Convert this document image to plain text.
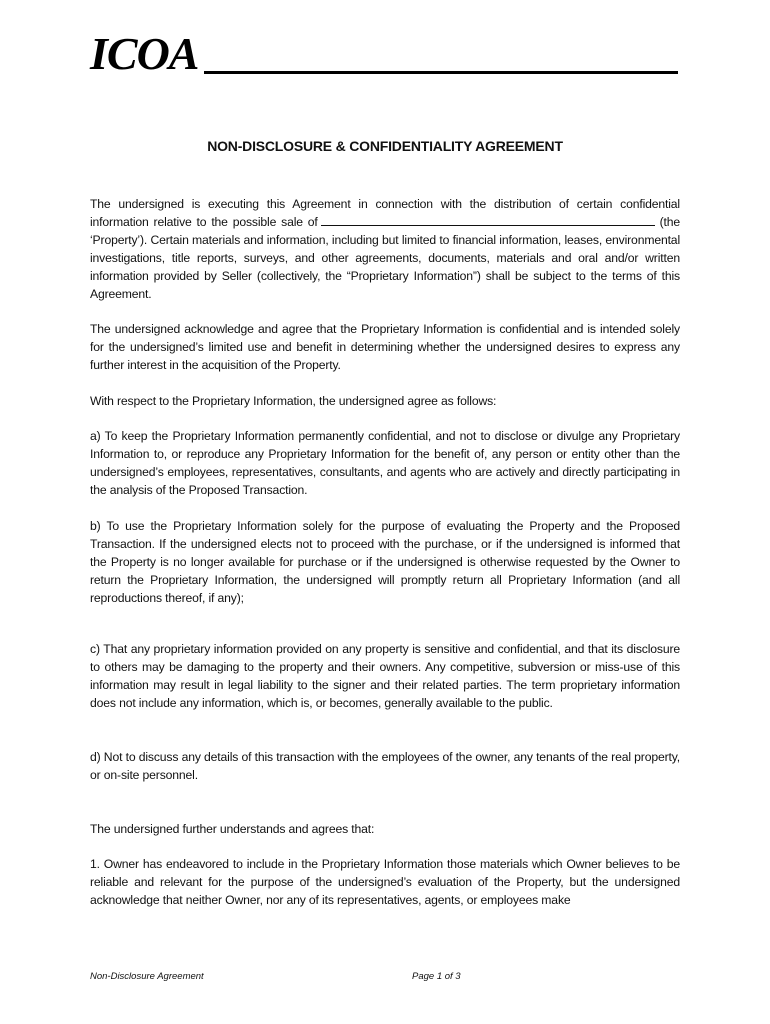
ICOA
NON-DISCLOSURE & CONFIDENTIALITY AGREEMENT

The undersigned is executing this Agreement in connection with the distribution of certain confidential information relative to the possible sale of	(the ‘Property’). Certain materials and information, including but limited to financial information, leases, environmental investigations, title reports, surveys, and other agreements, documents, materials and oral and/or written information provided by Seller (collectively, the “Proprietary Information”) shall be subject to the terms of this Agreement.

The undersigned acknowledge and agree that the Proprietary Information is confidential and is intended solely for the undersigned’s limited use and benefit in determining whether the undersigned desires to express any further interest in the acquisition of the Property.

With respect to the Proprietary Information, the undersigned agree as follows:

a) To keep the Proprietary Information permanently confidential, and not to disclose or divulge any Proprietary Information to, or reproduce any Proprietary Information for the benefit of, any person or entity other than the undersigned’s employees, representatives, consultants, and agents who are actively and directly participating in the analysis of the Proposed Transaction.

b) To use the Proprietary Information solely for the purpose of evaluating the Property and the Proposed Transaction. If the undersigned elects not to proceed with the purchase, or if the undersigned is informed that the Property is no longer available for purchase or if the undersigned is otherwise requested by the Owner to return the Proprietary Information, the undersigned will promptly return all Proprietary Information (and all reproductions thereof, if any);

c) That any proprietary information provided on any property is sensitive and confidential, and that its disclosure to others may be damaging to the property and their owners. Any competitive, subversion or miss-use of this information may result in legal liability to the signer and their related parties. The term proprietary information does not include any information, which is, or becomes, generally available to the public.

d) Not to discuss any details of this transaction with the employees of the owner, any tenants of the real property, or on-site personnel.

The undersigned further understands and agrees that:

1. Owner has endeavored to include in the Proprietary Information those materials which Owner believes to be reliable and relevant for the purpose of the undersigned’s evaluation of the Property, but the undersigned acknowledge that neither Owner, nor any of its representatives, agents, or employees make

Non-Disclosure Agreement	Page 1 of 3
